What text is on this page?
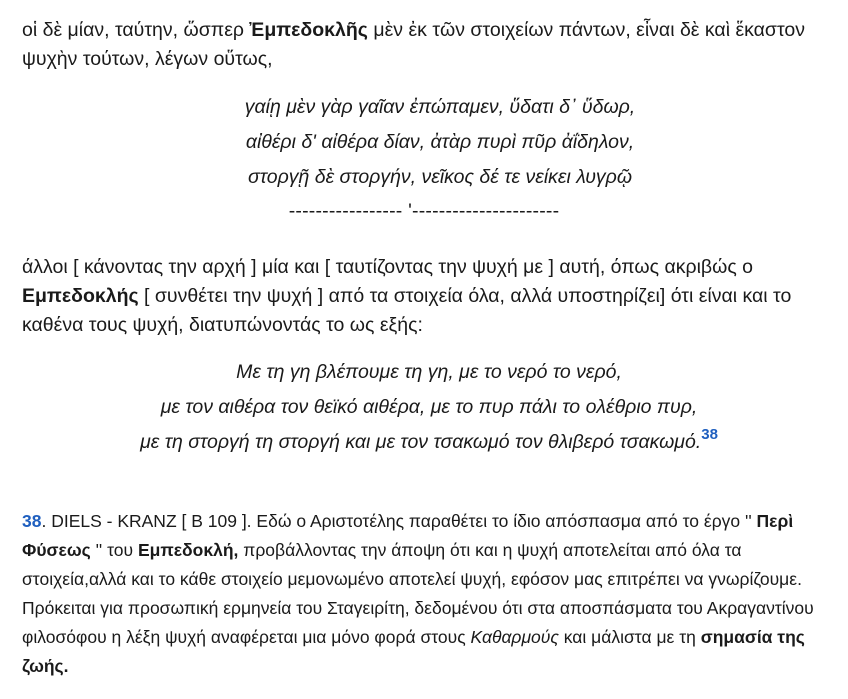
οἱ δὲ μίαν, ταύτην, ὥσπερ Ἐμπεδοκλῆς μὲν ἐκ τῶν στοιχείων πάντων, εἶναι δὲ καὶ ἕκαστον ψυχὴν τούτων, λέγων οὕτως,

γαίῃ μὲν γὰρ γαῖαν ἐπώπαμεν, ὕδατι δ᾽ ὕδωρ,
αἰθέρι δ' αἰθέρα δίαν, ἀτὰρ πυρὶ πῦρ ἀΐδηλον,
στοργῇ δὲ στοργήν, νεῖκος δέ τε νείκει λυγρῷ
----------------- '----------------------

άλλοι [ κάνοντας την αρχή ] μία και [ ταυτίζοντας την ψυχή με ] αυτή, όπως ακριβώς ο Εμπεδοκλής [ συνθέτει την ψυχή ] από τα στοιχεία όλα, αλλά υποστηρίζει] ότι είναι και το καθένα τους ψυχή, διατυπώνοντάς το ως εξής:

Με τη γη βλέπουμε τη γη, με το νερό το νερό,
με τον αιθέρα τον θεϊκό αιθέρα, με το πυρ πάλι το ολέθριο πυρ,
με τη στοργή τη στοργή και με τον τσακωμό τον θλιβερό τσακωμό.$^{38}$

38. DIELS - KRANZ [ B 109 ]. Εδώ ο Αριστοτέλης παραθέτει το ίδιο απόσπασμα από το έργο '' Περὶ Φύσεως '' του Εμπεδοκλή, προβάλλοντας την άποψη ότι και η ψυχή αποτελείται από όλα τα στοιχεία,αλλά και το κάθε στοιχείο μεμονωμένο αποτελεί ψυχή, εφόσον μας επιτρέπει να γνωρίζουμε. Πρόκειται για προσωπική ερμηνεία του Σταγειρίτη, δεδομένου ότι στα αποσπάσματα του Ακραγαντίνου φιλοσόφου η λέξη ψυχή αναφέρεται μια μόνο φορά στους Καθαρμούς και μάλιστα με τη σημασία της ζωής.
